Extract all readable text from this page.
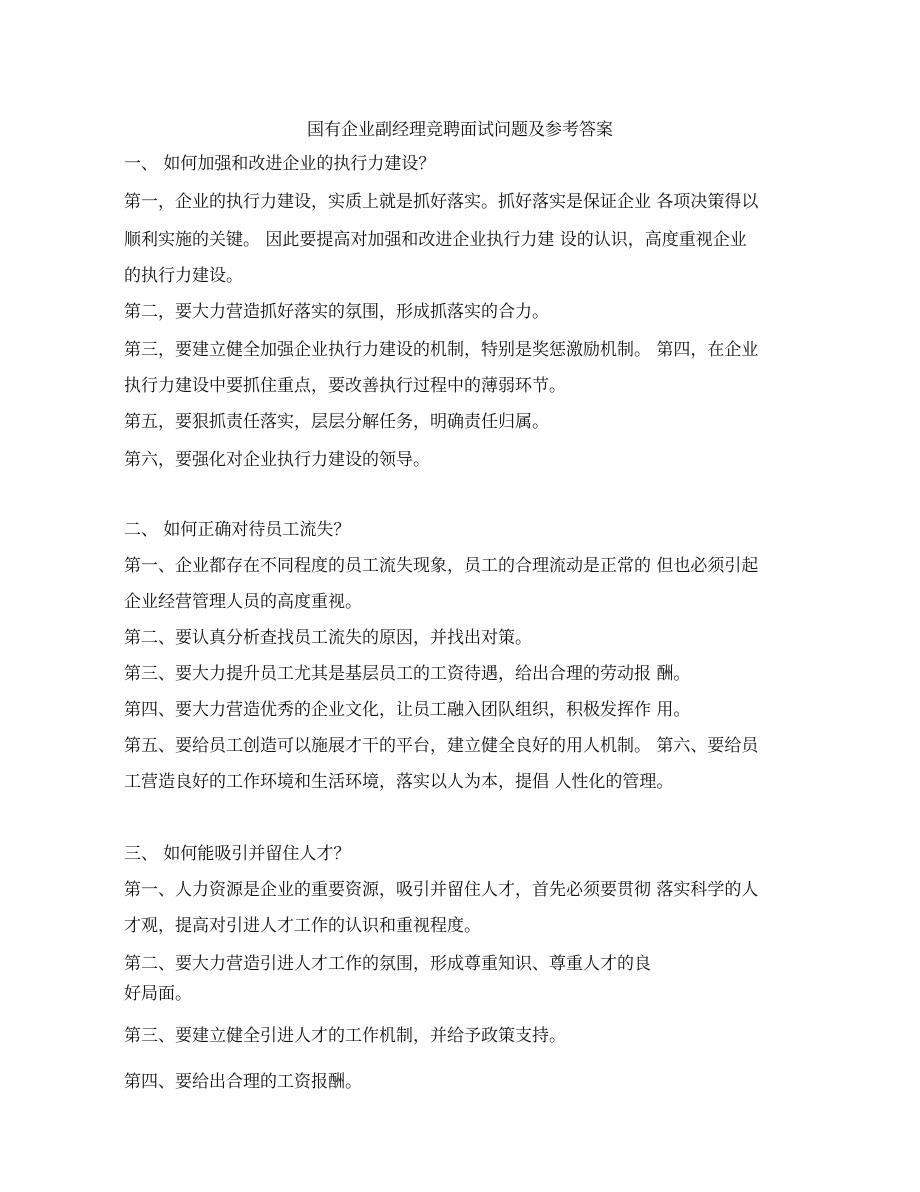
国有企业副经理竞聘面试问题及参考答案
一、 如何加强和改进企业的执行力建设？
第一，企业的执行力建设，实质上就是抓好落实。抓好落实是保证企业 各项决策得以
顺利实施的关键。 因此要提高对加强和改进企业执行力建 设的认识，高度重视企业
的执行力建设。
第二，要大力营造抓好落实的氛围，形成抓落实的合力。
第三，要建立健全加强企业执行力建设的机制，特别是奖惩激励机制。 第四，在企业
执行力建设中要抓住重点，要改善执行过程中的薄弱环节。
第五，要狠抓责任落实，层层分解任务，明确责任归属。
第六，要强化对企业执行力建设的领导。
二、 如何正确对待员工流失？
第一、企业都存在不同程度的员工流失现象，员工的合理流动是正常的 但也必须引起
企业经营管理人员的高度重视。
第二、要认真分析查找员工流失的原因，并找出对策。
第三、要大力提升员工尤其是基层员工的工资待遇，给出合理的劳动报 酬。
第四、要大力营造优秀的企业文化，让员工融入团队组织，积极发挥作 用。
第五、要给员工创造可以施展才干的平台，建立健全良好的用人机制。 第六、要给员
工营造良好的工作环境和生活环境，落实以人为本，提倡 人性化的管理。
三、 如何能吸引并留住人才？
第一、人力资源是企业的重要资源，吸引并留住人才，首先必须要贯彻 落实科学的人
才观，提高对引进人才工作的认识和重视程度。
第二、要大力营造引进人才工作的氛围，形成尊重知识、尊重人才的良
好局面。
第三、要建立健全引进人才的工作机制，并给予政策支持。
第四、要给出合理的工资报酬。
